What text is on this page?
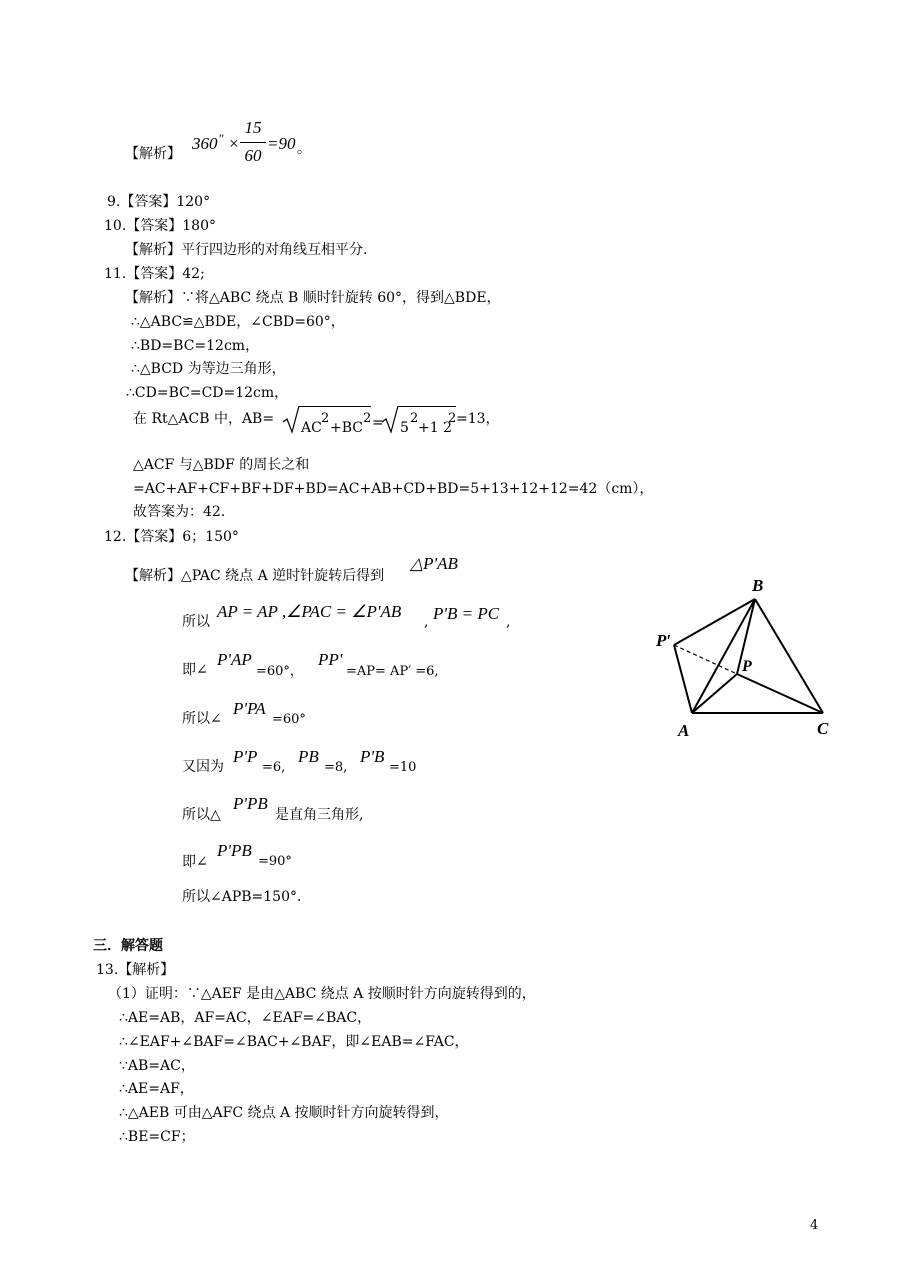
【解析】
360 " ×
15
60
=90 。
9.【答案】120°
10.【答案】180°
【解析】平行四边形的对角线互相平分.
11.【答案】42;
【解析】∵将△ABC 绕点 B 顺时针旋转 60°，得到△BDE，
∴△ABC≌△BDE，∠CBD=60°，
∴BD=BC=12cm，
∴△BCD 为等边三角形，
∴CD=BC=CD=12cm，
在 Rt△ACB 中，AB=
AC
2
+BC
2 = 5
2
+1 2
2 =13，
△ACF 与△BDF 的周长之和
=AC+AF+CF+BF+DF+BD=AC+AB+CD+BD=5+13+12+12=42（cm），
故答案为：42．
12.【答案】6；150°
【解析】△PAC 绕点 A 逆时针旋转后得到
△P'AB
所以
AP = AP ,∠PAC = ∠P'AB
, P'B = PC ,
即∠
P'AP
=60°，
PP'
=AP= AP′ =6,
所以∠
P'PA
=60°
又因为
P'P
=6,
PB
=8,
P'B
=10
所以△
P'PB
是直角三角形,
即∠
P'PB
=90°
所以∠APB=150°．
三．解答题
13.【解析】
（1）证明：∵△AEF 是由△ABC 绕点 A 按顺时针方向旋转得到的，
∴AE=AB，AF=AC，∠EAF=∠BAC，
∴∠EAF+∠BAF=∠BAC+∠BAF，即∠EAB=∠FAC，
∵AB=AC，
∴AE=AF，
∴△AEB 可由△AFC 绕点 A 按顺时针方向旋转得到，
∴BE=CF；
B
P′
P
A	C
4
